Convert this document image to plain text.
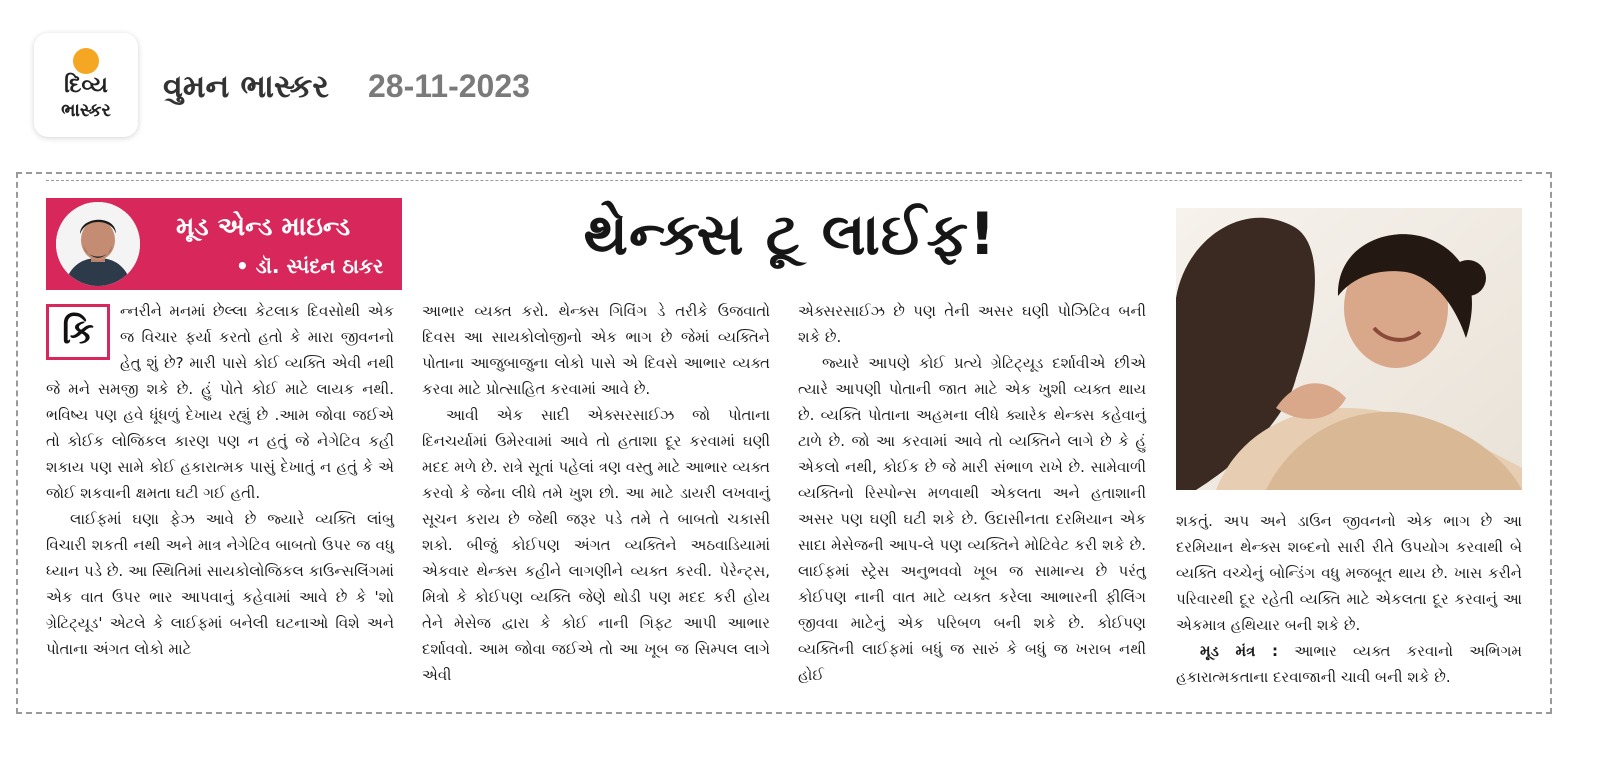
દિવ્ય
ભાસ્કર
વુમન ભાસ્કર 28-11-2023
મૂડ એન્ડ માઇન્ડ
• ડૉ. સ્પંદન ઠાકર	થેન્ક્સ ટૂ લાઈફ!
કિ

ન્નરીને મનમાં છેલ્લા કેટલાક દિવસોથી એક જ વિચાર ફર્યા કરતો હતો કે મારા જીવનનો હેતુ શું છે? મારી પાસે કોઈ વ્યક્તિ એવી નથી જે મને સમજી શકે છે. હું પોતે કોઈ માટે લાયક નથી. ભવિષ્ય પણ હવે ધૂંધળું દેખાય રહ્યું છે .આમ જોવા જઈએ તો કોઈક લોજિકલ કારણ પણ ન હતું જે નેગેટિવ કહી શકાય પણ સામે કોઈ હકારાત્મક પાસું દેખાતું ન હતું કે એ જોઈ શકવાની ક્ષમતા ઘટી ગઈ હતી.

લાઈફમાં ઘણા ફેઝ આવે છે જ્યારે વ્યક્તિ લાંબુ વિચારી શકતી નથી અને માત્ર નેગેટિવ બાબતો ઉપર જ વધુ ધ્યાન પડે છે. આ સ્થિતિમાં સાયકોલોજિકલ કાઉન્સલિંગમાં એક વાત ઉપર ભાર આપવાનું કહેવામાં આવે છે કે 'શો ગ્રેટિટ્યૂડ' એટલે કે લાઈફમાં બનેલી ઘટનાઓ વિશે અને પોતાના અંગત લોકો માટે

આભાર વ્યક્ત કરો. થેન્ક્સ ગિવિંગ ડે તરીકે ઉજવાતો દિવસ આ સાયકોલોજીનો એક ભાગ છે જેમાં વ્યક્તિને પોતાના આજુબાજુના લોકો પાસે એ દિવસે આભાર વ્યક્ત કરવા માટે પ્રોત્સાહિત કરવામાં આવે છે.

આવી એક સાદી એક્સરસાઈઝ જો પોતાના દિનચર્યામાં ઉમેરવામાં આવે તો હતાશા દૂર કરવામાં ઘણી મદદ મળે છે. રાત્રે સૂતાં પહેલાં ત્રણ વસ્તુ માટે આભાર વ્યક્ત કરવો કે જેના લીધે તમે ખુશ છો. આ માટે ડાયરી લખવાનું સૂચન કરાય છે જેથી જરૂર પડે તમે તે બાબતો ચકાસી શકો. બીજું કોઈપણ અંગત વ્યક્તિને અઠવાડિયામાં એકવાર થેન્ક્સ કહીને લાગણીને વ્યક્ત કરવી. પેરેન્ટ્સ, મિત્રો કે કોઈપણ વ્યક્તિ જેણે થોડી પણ મદદ કરી હોય તેને મેસેજ દ્વારા કે કોઈ નાની ગિફ્ટ આપી આભાર દર્શાવવો. આમ જોવા જઈએ તો આ ખૂબ જ સિમ્પલ લાગે એવી

એક્સરસાઈઝ છે પણ તેની અસર ઘણી પોઝિટિવ બની શકે છે.

જ્યારે આપણે કોઈ પ્રત્યે ગ્રેટિટ્યૂડ દર્શાવીએ છીએ ત્યારે આપણી પોતાની જાત માટે એક ખુશી વ્યક્ત થાય છે. વ્યક્તિ પોતાના અહમના લીધે ક્યારેક થેન્ક્સ કહેવાનું ટાળે છે. જો આ કરવામાં આવે તો વ્યક્તિને લાગે છે કે હું એકલો નથી, કોઈક છે જે મારી સંભાળ રાખે છે. સામેવાળી વ્યક્તિનો રિસ્પોન્સ મળવાથી એકલતા અને હતાશાની અસર પણ ઘણી ઘટી શકે છે. ઉદાસીનતા દરમિયાન એક સાદા મેસેજની આપ-લે પણ વ્યક્તિને મોટિવેટ કરી શકે છે. લાઈફમાં સ્ટ્રેસ અનુભવવો ખૂબ જ સામાન્ય છે પરંતુ કોઈપણ નાની વાત માટે વ્યક્ત કરેલા આભારની ફીલિંગ જીવવા માટેનું એક પરિબળ બની શકે છે. કોઈપણ વ્યક્તિની લાઈફમાં બધું જ સારું કે બધું જ ખરાબ નથી હોઈ

શકતું. અપ અને ડાઉન જીવનનો એક ભાગ છે આ દરમિયાન થેન્ક્સ શબ્દનો સારી રીતે ઉપયોગ કરવાથી બે વ્યક્તિ વચ્ચેનું બોન્ડિંગ વધુ મજબૂત થાય છે. ખાસ કરીને પરિવારથી દૂર રહેતી વ્યક્તિ માટે એકલતા દૂર કરવાનું આ એકમાત્ર હથિયાર બની શકે છે.

મૂડ મંત્ર : આભાર વ્યક્ત કરવાનો અભિગમ હકારાત્મકતાના દરવાજાની ચાવી બની શકે છે.
